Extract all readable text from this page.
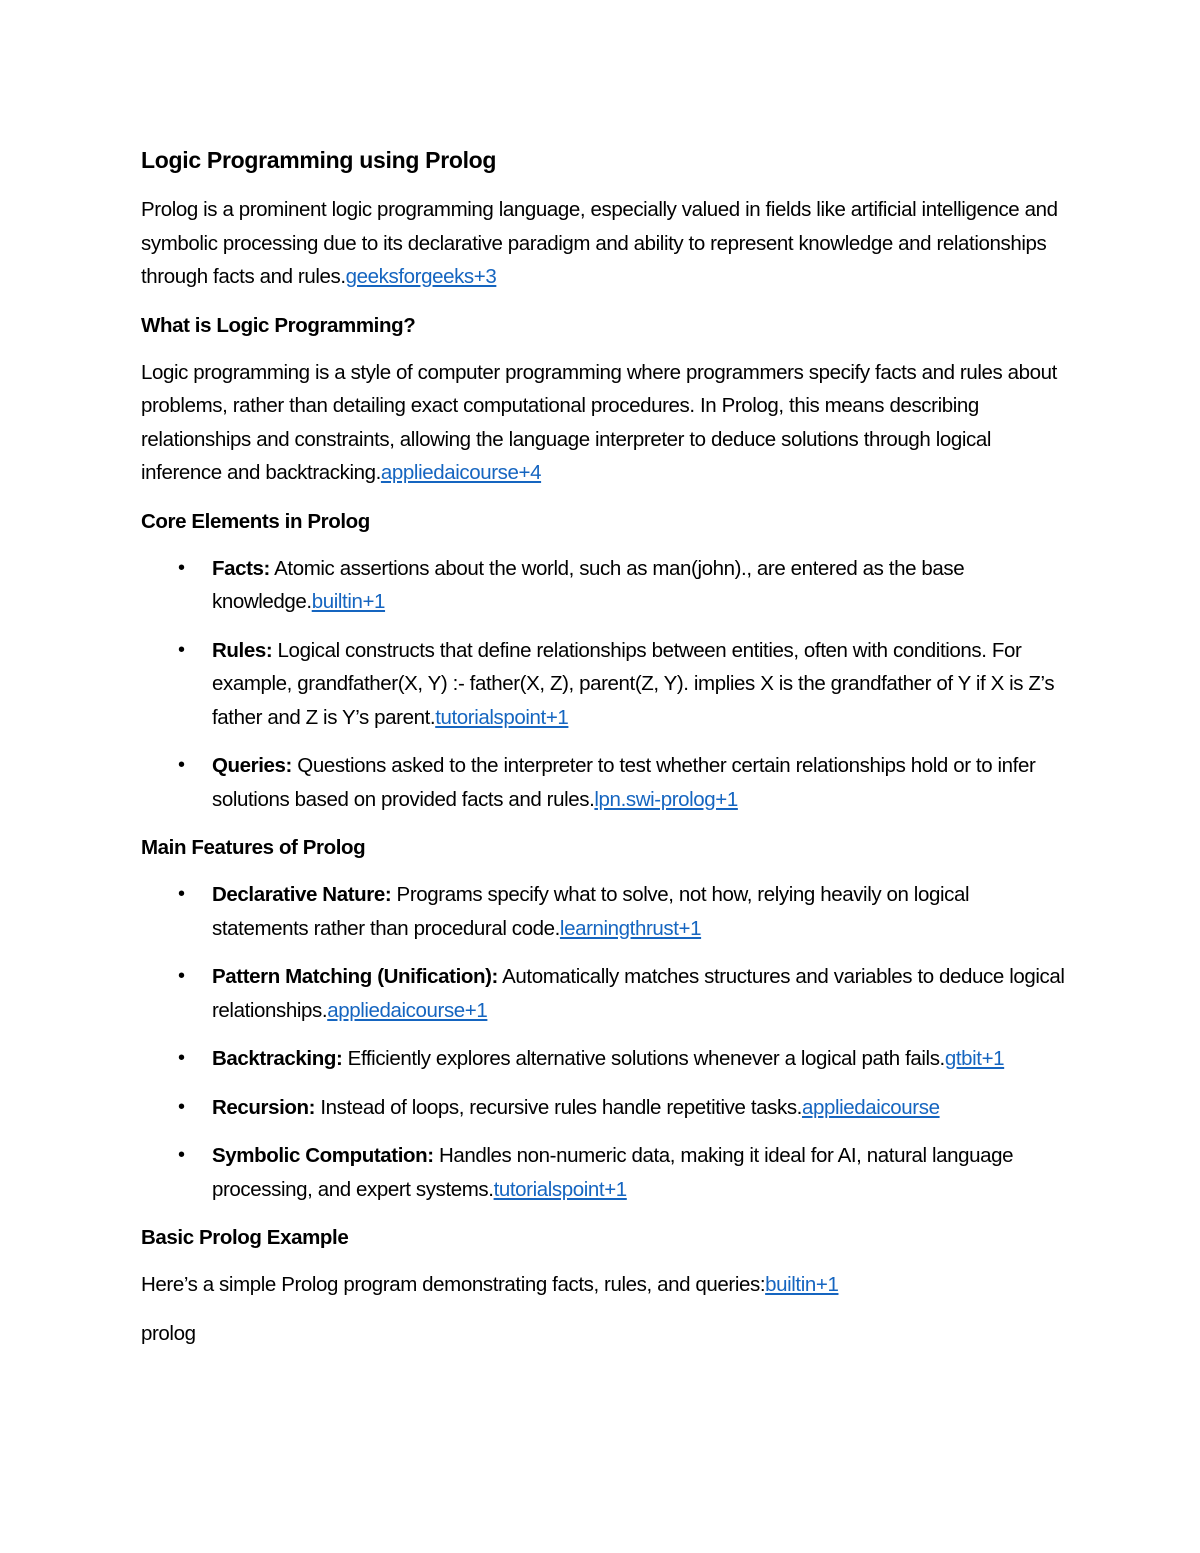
Logic Programming using Prolog

Prolog is a prominent logic programming language, especially valued in fields like artificial intelligence and symbolic processing due to its declarative paradigm and ability to represent knowledge and relationships through facts and rules.geeksforgeeks+3

What is Logic Programming?

Logic programming is a style of computer programming where programmers specify facts and rules about problems, rather than detailing exact computational procedures. In Prolog, this means describing relationships and constraints, allowing the language interpreter to deduce solutions through logical inference and backtracking.appliedaicourse+4

Core Elements in Prolog
• Facts: Atomic assertions about the world, such as man(john)., are entered as the base knowledge.builtin+1
• Rules: Logical constructs that define relationships between entities, often with conditions. For example, grandfather(X, Y) :- father(X, Z), parent(Z, Y). implies X is the grandfather of Y if X is Z’s father and Z is Y’s parent.tutorialspoint+1
• Queries: Questions asked to the interpreter to test whether certain relationships hold or to infer solutions based on provided facts and rules.lpn.swi-prolog+1
Main Features of Prolog
• Declarative Nature: Programs specify what to solve, not how, relying heavily on logical statements rather than procedural code.learningthrust+1
• Pattern Matching (Unification): Automatically matches structures and variables to deduce logical relationships.appliedaicourse+1
• Backtracking: Efficiently explores alternative solutions whenever a logical path fails.gtbit+1
• Recursion: Instead of loops, recursive rules handle repetitive tasks.appliedaicourse
• Symbolic Computation: Handles non-numeric data, making it ideal for AI, natural language processing, and expert systems.tutorialspoint+1
Basic Prolog Example

Here’s a simple Prolog program demonstrating facts, rules, and queries:builtin+1

prolog
